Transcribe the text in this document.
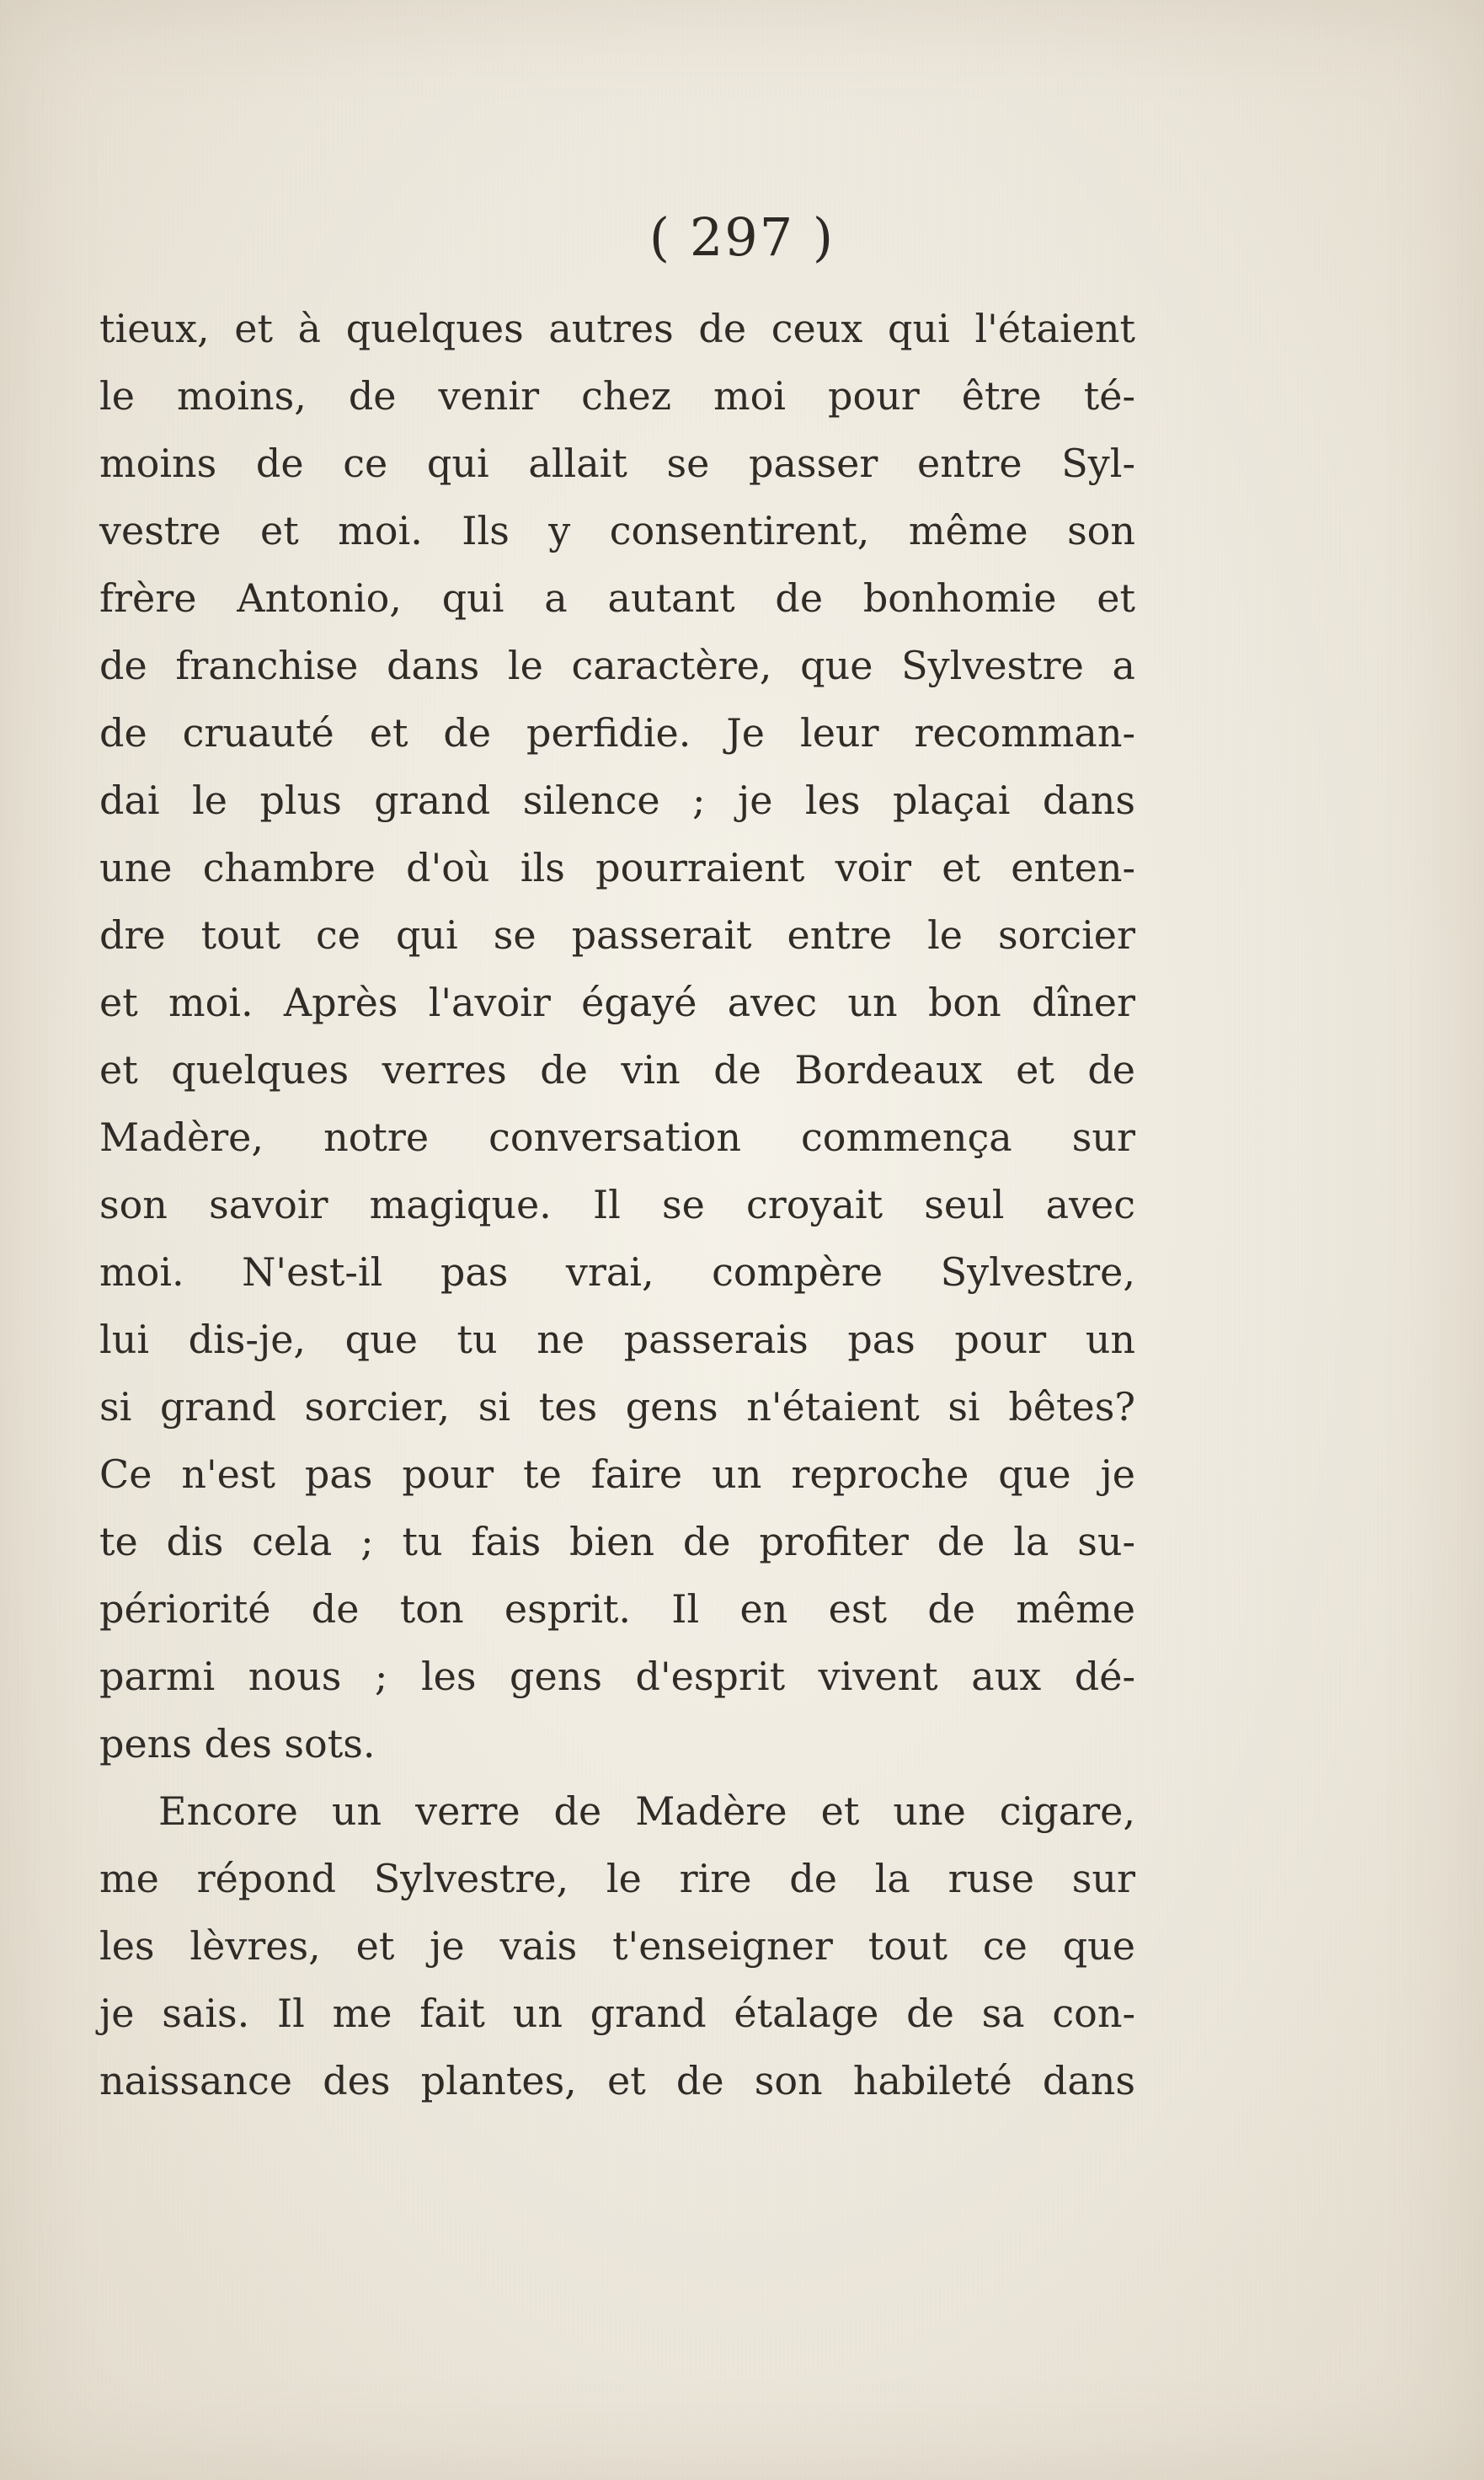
( 297 )
tieux, et à quelques autres de ceux qui l'étaient
le moins, de venir chez moi pour être té-
moins de ce qui allait se passer entre Syl-
vestre et moi. Ils y consentirent, même son
frère Antonio, qui a autant de bonhomie et
de franchise dans le caractère, que Sylvestre a
de cruauté et de perfidie. Je leur recomman-
dai le plus grand silence ; je les plaçai dans
une chambre d'où ils pourraient voir et enten-
dre tout ce qui se passerait entre le sorcier
et moi. Après l'avoir égayé avec un bon dîner
et quelques verres de vin de Bordeaux et de
Madère, notre conversation commença sur
son savoir magique. Il se croyait seul avec
moi. N'est-il pas vrai, compère Sylvestre,
lui dis-je, que tu ne passerais pas pour un
si grand sorcier, si tes gens n'étaient si bêtes?
Ce n'est pas pour te faire un reproche que je
te dis cela ; tu fais bien de profiter de la su-
périorité de ton esprit. Il en est de même
parmi nous ; les gens d'esprit vivent aux dé-
pens des sots.
Encore un verre de Madère et une cigare,
me répond Sylvestre, le rire de la ruse sur
les lèvres, et je vais t'enseigner tout ce que
je sais. Il me fait un grand étalage de sa con-
naissance des plantes, et de son habileté dans
